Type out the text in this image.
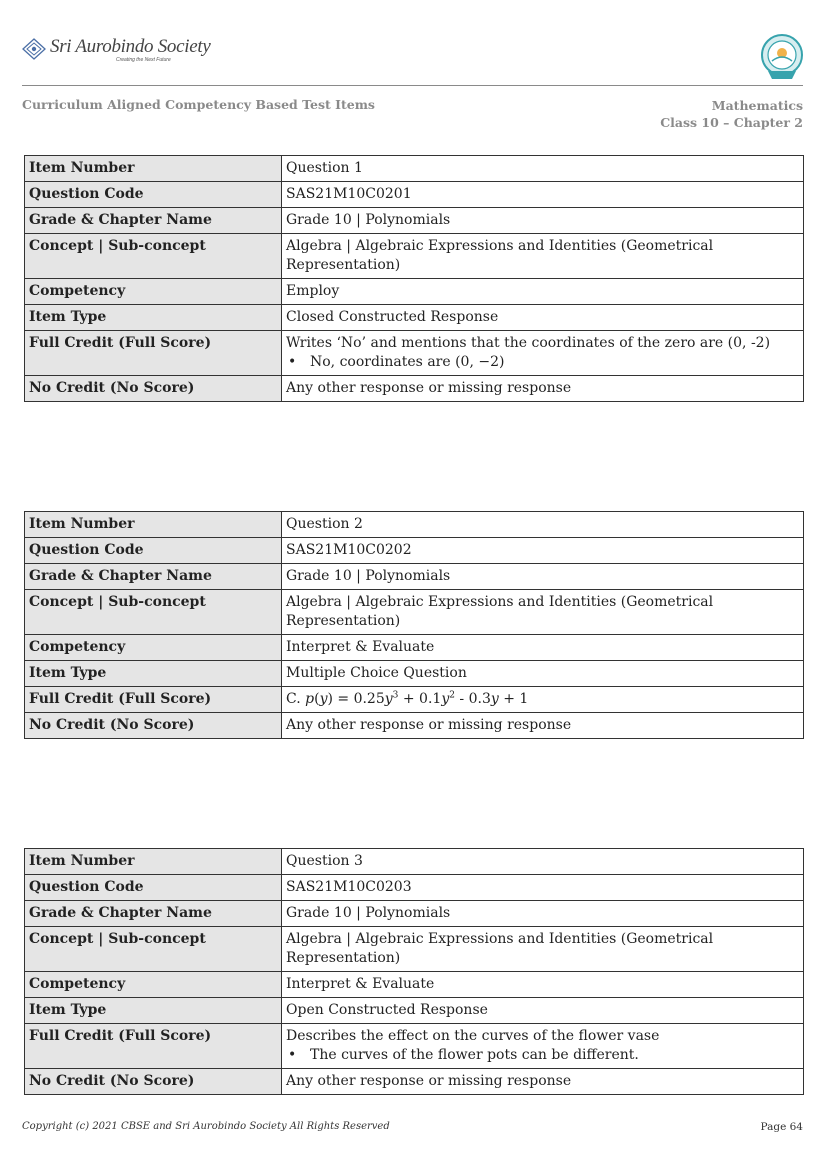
Sri Aurobindo Society
Creating the Next Future
Curriculum Aligned Competency Based Test Items	Mathematics
Class 10 – Chapter 2
Item Number	Question 1
Question Code	SAS21M10C0201
Grade & Chapter Name	Grade 10 | Polynomials
Concept | Sub-concept	Algebra | Algebraic Expressions and Identities (Geometrical Representation)
Competency	Employ
Item Type	Closed Constructed Response
Full Credit (Full Score)	Writes ‘No’ and mentions that the coordinates of the zero are (0, -2)
• No, coordinates are (0, −2)

No Credit (No Score)	Any other response or missing response
Item Number	Question 2
Question Code	SAS21M10C0202
Grade & Chapter Name	Grade 10 | Polynomials
Concept | Sub-concept	Algebra | Algebraic Expressions and Identities (Geometrical Representation)
Competency	Interpret & Evaluate
Item Type	Multiple Choice Question
Full Credit (Full Score)	C. $p(y) = 0.25y^3 + 0.1y^2 - 0.3y + 1$
No Credit (No Score)	Any other response or missing response
Item Number	Question 3
Question Code	SAS21M10C0203
Grade & Chapter Name	Grade 10 | Polynomials
Concept | Sub-concept	Algebra | Algebraic Expressions and Identities (Geometrical Representation)
Competency	Interpret & Evaluate
Item Type	Open Constructed Response
Full Credit (Full Score)	Describes the effect on the curves of the flower vase
• The curves of the flower pots can be different.

No Credit (No Score)	Any other response or missing response
Copyright (c) 2021 CBSE and Sri Aurobindo Society All Rights Reserved	Page 64
